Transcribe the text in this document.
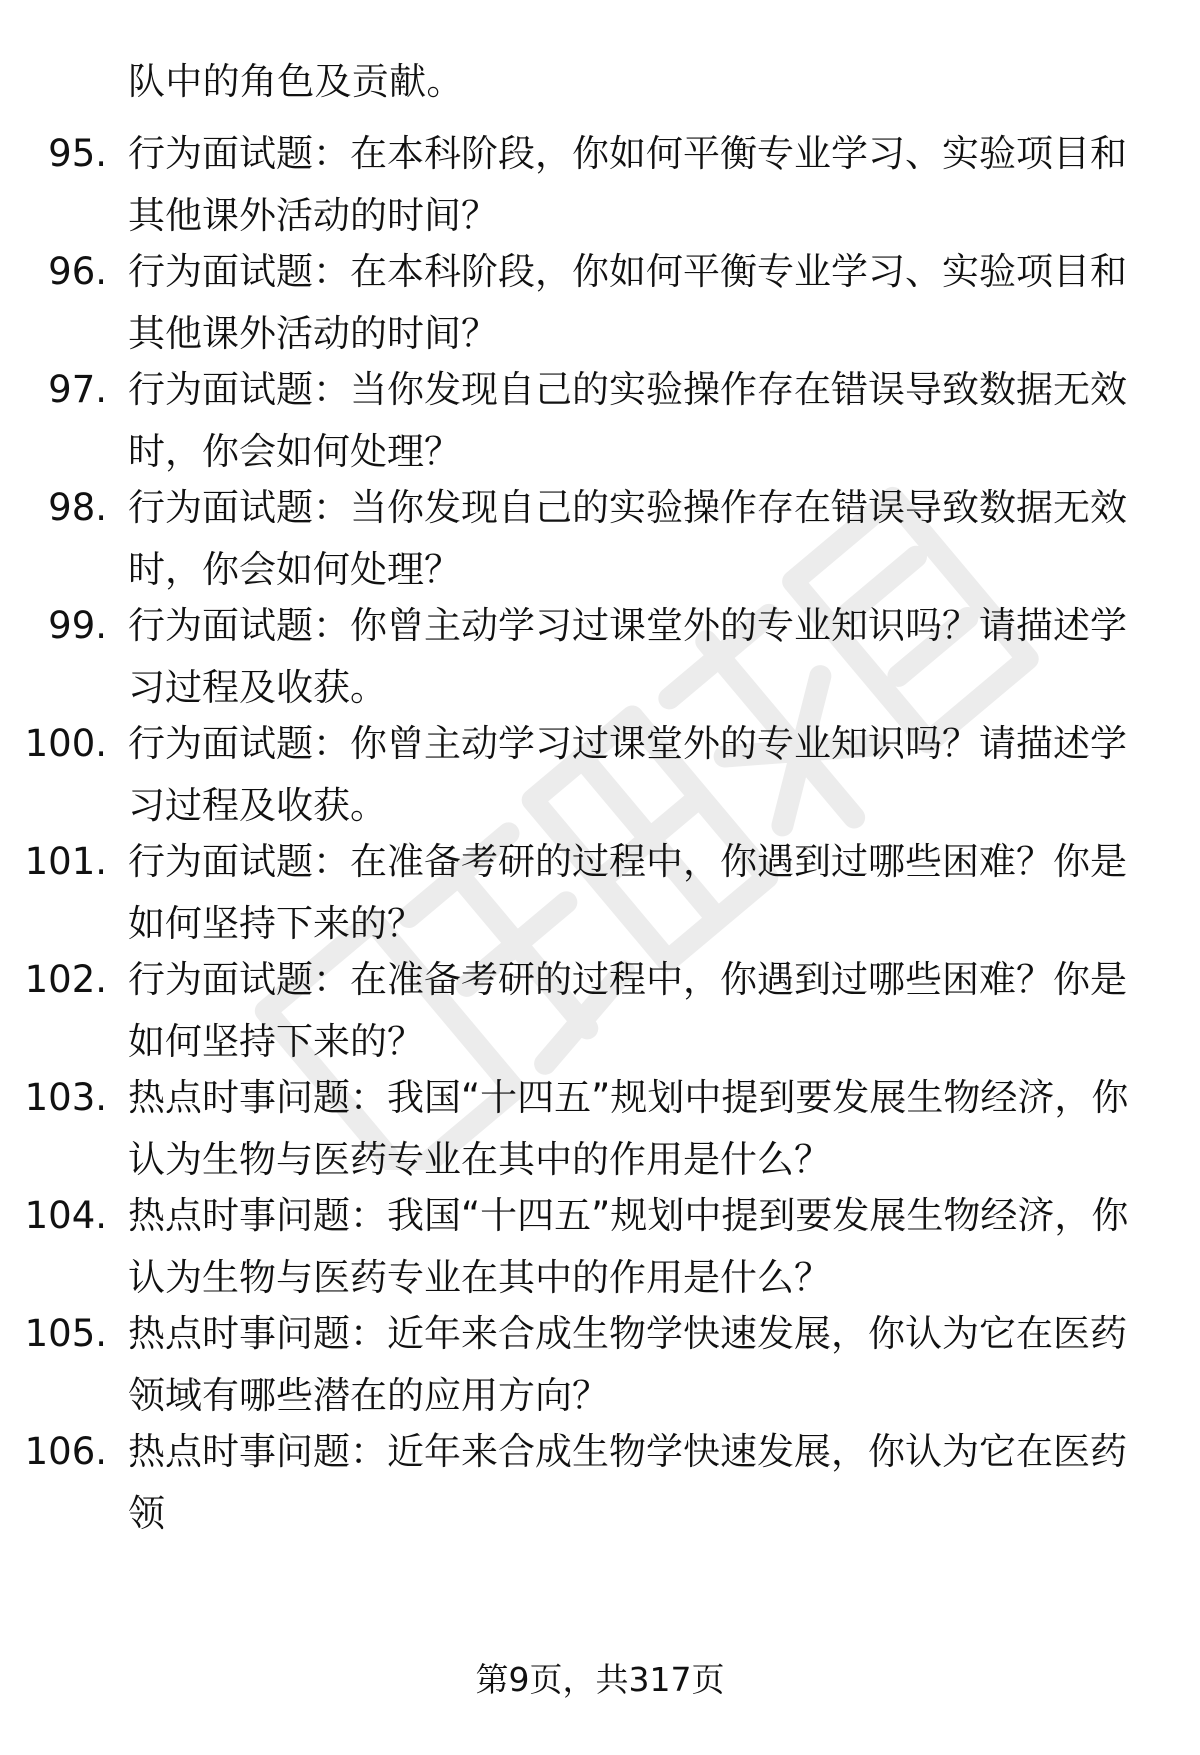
队中的角色及贡献。
95. 行为面试题：在本科阶段，你如何平衡专业学习、实验项目和其他课外活动的时间？
96. 行为面试题：在本科阶段，你如何平衡专业学习、实验项目和其他课外活动的时间？
97. 行为面试题：当你发现自己的实验操作存在错误导致数据无效时，你会如何处理？
98. 行为面试题：当你发现自己的实验操作存在错误导致数据无效时，你会如何处理？
99. 行为面试题：你曾主动学习过课堂外的专业知识吗？请描述学习过程及收获。
100. 行为面试题：你曾主动学习过课堂外的专业知识吗？请描述学习过程及收获。
101. 行为面试题：在准备考研的过程中，你遇到过哪些困难？你是如何坚持下来的？
102. 行为面试题：在准备考研的过程中，你遇到过哪些困难？你是如何坚持下来的？
103. 热点时事问题：我国“十四五”规划中提到要发展生物经济，你认为生物与医药专业在其中的作用是什么？
104. 热点时事问题：我国“十四五”规划中提到要发展生物经济，你认为生物与医药专业在其中的作用是什么？
105. 热点时事问题：近年来合成生物学快速发展，你认为它在医药领域有哪些潜在的应用方向？
106. 热点时事问题：近年来合成生物学快速发展，你认为它在医药领
第9页，共317页
